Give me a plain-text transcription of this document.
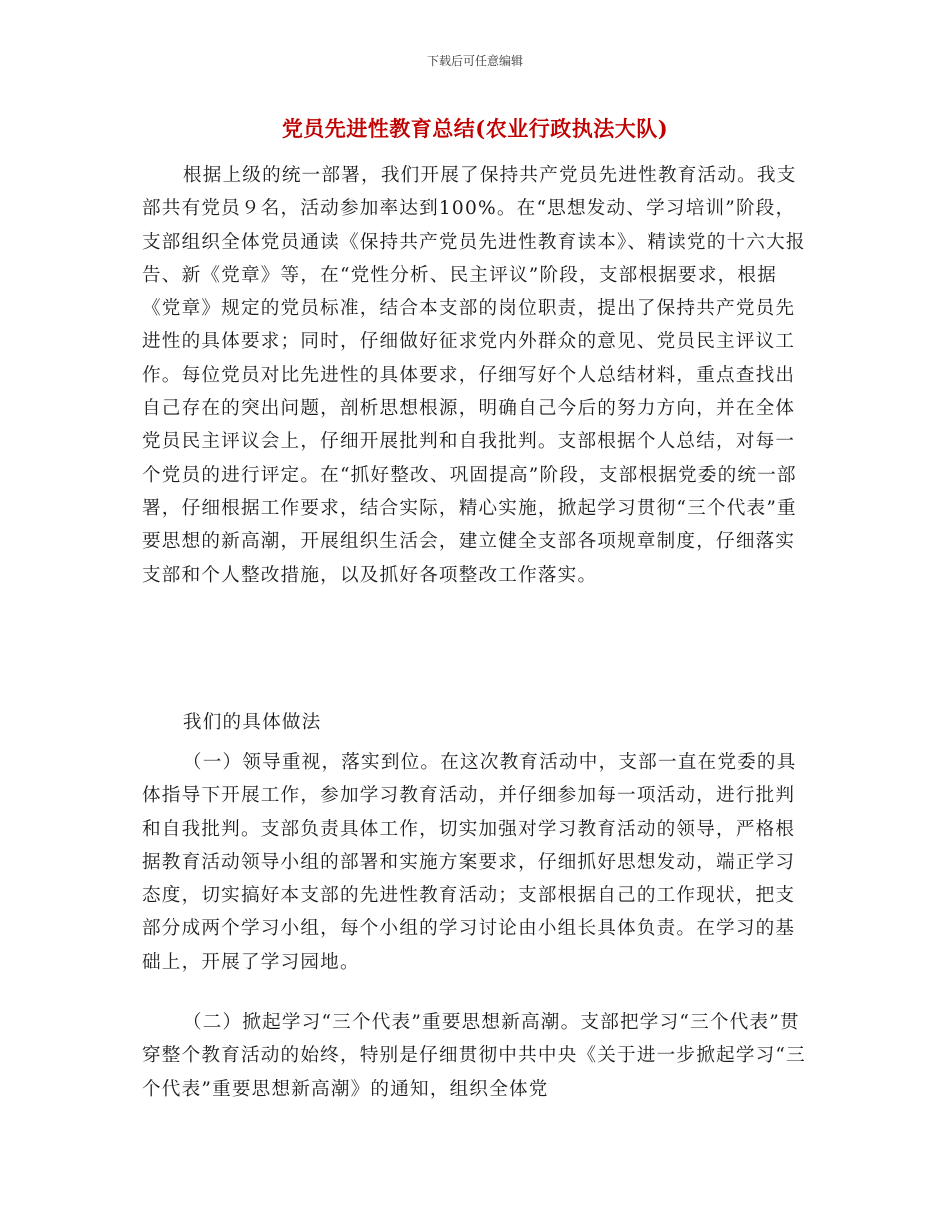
下载后可任意编辑
党员先进性教育总结(农业行政执法大队)

根据上级的统一部署，我们开展了保持共产党员先进性教育活动。我支部共有党员９名，活动参加率达到100%。在“思想发动、学习培训”阶段，支部组织全体党员通读《保持共产党员先进性教育读本》、精读党的十六大报告、新《党章》等，在“党性分析、民主评议”阶段，支部根据要求，根据《党章》规定的党员标准，结合本支部的岗位职责，提出了保持共产党员先进性的具体要求；同时，仔细做好征求党内外群众的意见、党员民主评议工作。每位党员对比先进性的具体要求，仔细写好个人总结材料，重点查找出自己存在的突出问题，剖析思想根源，明确自己今后的努力方向，并在全体党员民主评议会上，仔细开展批判和自我批判。支部根据个人总结，对每一个党员的进行评定。在“抓好整改、巩固提高”阶段，支部根据党委的统一部署，仔细根据工作要求，结合实际，精心实施，掀起学习贯彻“三个代表”重要思想的新高潮，开展组织生活会，建立健全支部各项规章制度，仔细落实支部和个人整改措施，以及抓好各项整改工作落实。

我们的具体做法

（一）领导重视，落实到位。在这次教育活动中，支部一直在党委的具体指导下开展工作，参加学习教育活动，并仔细参加每一项活动，进行批判和自我批判。支部负责具体工作，切实加强对学习教育活动的领导，严格根据教育活动领导小组的部署和实施方案要求，仔细抓好思想发动，端正学习态度，切实搞好本支部的先进性教育活动；支部根据自己的工作现状，把支部分成两个学习小组，每个小组的学习讨论由小组长具体负责。在学习的基础上，开展了学习园地。

（二）掀起学习“三个代表”重要思想新高潮。支部把学习“三个代表”贯穿整个教育活动的始终，特别是仔细贯彻中共中央《关于进一步掀起学习“三个代表”重要思想新高潮》的通知，组织全体党
